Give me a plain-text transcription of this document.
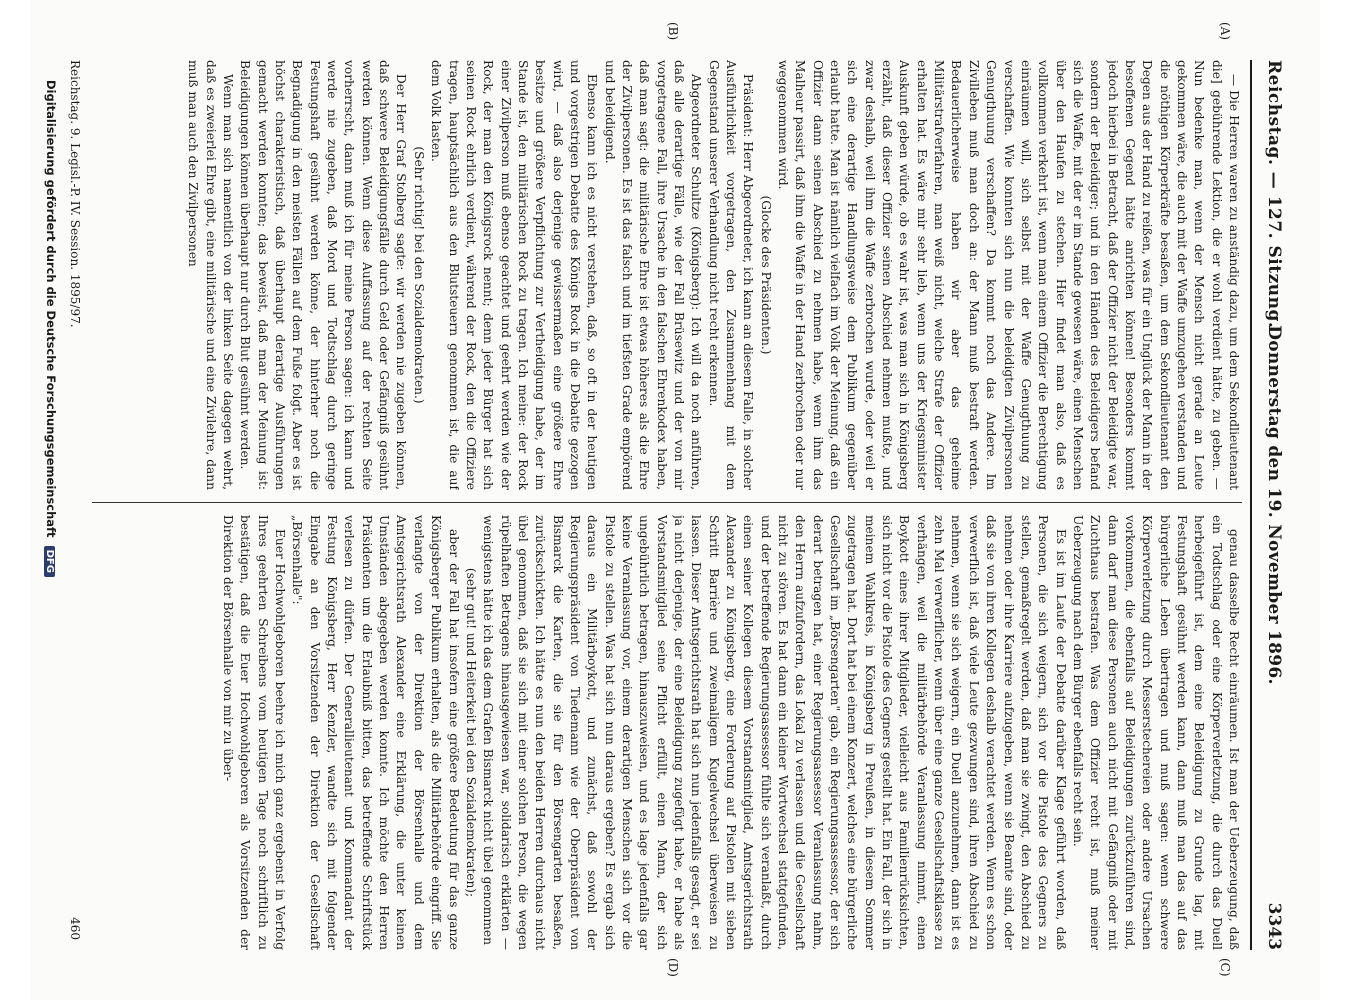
Reichstag. — 127. Sitzung.
Donnerstag den 19. November 1896.
3343
(A)
(B)
(C)
(D)

— Die Herren waren zu anständig dazu, um dem Sekondlieutenant die] gebührende Lektion, die er wohl verdient hätte, zu geben. — Nun bedenke man, wenn der Mensch nicht gerade an Leute gekommen wäre, die auch mit der Waffe umzugehen verstanden und die nöthigen Körperkräfte besaßen, um dem Sekondlieutenant den Degen aus der Hand zu reißen, was für ein Unglück der Mann in der besoffenen Gegend hätte anrichten können! Besonders kommt jedoch hierbei in Betracht, daß der Offizier nicht der Beleidigte war, sondern der Beleidiger; und in den Händen des Beleidigers befand sich die Waffe, mit der er im Stande gewesen wäre, einen Menschen über den Haufen zu stechen. Hier findet man also, daß es vollkommen verkehrt ist, wenn man einem Offizier die Berechtigung einräumen will, sich selbst mit der Waffe Genugthuung zu verschaffen. Wie konnten sich nun die beleidigten Zivilpersonen Genugthuung verschaffen? Da kommt noch das Andere. Im Zivilleben muß man doch an: der Mann muß bestraft werden. Bedauerlicherweise haben wir aber das geheime Militärstrafverfahren, man weiß nicht, welche Strafe der Offizier erhalten hat. Es wäre mir sehr lieb, wenn uns der Kriegsminister Auskunft geben würde, ob es wahr ist, was man sich in Königsberg erzählt, daß dieser Offizier seinen Abschied nehmen mußte, und zwar deshalb, weil ihm die Waffe zerbrochen wurde, oder weil er sich eine derartige Handlungsweise dem Publikum gegenüber erlaubt hatte. Man ist nämlich vielfach im Volk der Meinung, daß ein Offizier dann seinen Abschied zu nehmen habe, wenn ihm das Malheur passirt, daß ihm die Waffe in der Hand zerbrochen oder nur weggenommen wird.

(Glocke des Präsidenten.)

Präsident: Herr Abgeordneter, ich kann an diesem Falle, in solcher Ausführlichkeit vorgetragen, den Zusammenhang mit dem Gegenstand unserer Verhandlung nicht recht erkennen.

Abgeordneter Schultze (Königsberg): Ich will da noch anführen, daß alle derartige Fälle, wie der Fall Brüsewitz und der von mir vorgetragene Fall, ihre Ursache in den falschen Ehrenkodex haben, daß man sagt: die militärische Ehre ist etwas höheres als die Ehre der Zivilpersonen. Es ist das falsch und im tiefsten Grade empörend und beleidigend.

Ebenso kann ich es nicht verstehen, daß, so oft in der heutigen und vorgestrigen Debatte des Königs Rock in die Debatte gezogen wird, — daß also derjenige gewissermaßen eine größere Ehre besitze und größere Verpflichtung zur Vertheidigung habe, der im Stande ist, den militärischen Rock zu tragen. Ich meine: der Rock einer Zivilperson muß ebenso geachtet und geehrt werden wie der Rock, der man den Königsrock nennt; denn jeder Bürger hat sich seinen Rock ehrlich verdient, während der Rock, den die Offiziere tragen, hauptsächlich aus den Blutsteuern genommen ist, die auf dem Volk lasten.

(Sehr richtig! bei den Sozialdemokraten.)

Der Herr Graf Stolberg sagte: wir werden nie zugeben können, daß schwere Beleidigungsfälle durch Geld oder Gefängniß gesühnt werden können. Wenn diese Auffassung auf der rechten Seite vorherrscht, dann muß ich für meine Person sagen: ich kann und werde nie zugeben, daß Mord und Todtschlag durch geringe Festungshaft gesühnt werden könne, der hinterher noch die Begnadigung in den meisten Fällen auf dem Fuße folgt. Aber es ist höchst charakteristisch, daß überhaupt derartige Ausführungen gemacht werden konnten; das beweist, daß man der Meinung ist: Beleidigungen können überhaupt nur durch Blut gesühnt werden.

Wenn man sich namentlich von der linken Seite dagegen wehrt, daß es zweierlei Ehre gibt, eine militärische und eine Zivilehre, dann muß man auch den Zivilpersonen

genau dasselbe Recht einräumen. Ist man der Ueberzeugung, daß ein Todtschlag oder eine Körperverletzung, die durch das Duell herbeigeführt ist, dem eine Beleidigung zu Grunde lag, mit Festungshaft gesühnt werden kann, dann muß man das auf das bürgerliche Leben übertragen und muß sagen: wenn schwere Körperverletzung durch Messerstechereien oder andere Ursachen vorkommen, die ebenfalls auf Beleidigungen zurückzuführen sind, dann darf man diese Personen auch nicht mit Gefängniß oder mit Zuchthaus bestrafen. Was dem Offizier recht ist, muß meiner Ueberzeugung nach dem Bürger ebenfalls recht sein.

Es ist im Laufe der Debatte darüber Klage geführt worden, daß Personen, die sich weigern, sich vor die Pistole des Gegners zu stellen, gemaßregelt werden, daß man sie zwingt, den Abschied zu nehmen oder ihre Karriere aufzugeben, wenn sie Beamte sind, oder daß sie von ihren Kollegen deshalb verachtet werden. Wenn es schon verwerflich ist, daß viele Leute gezwungen sind, ihren Abschied zu nehmen, wenn sie sich weigern, ein Duell anzunehmen, dann ist es zehn Mal verwerflicher, wenn über eine ganze Gesellschaftsklasse zu verhängen, weil die militärbehörde Veranlassung nimmt, einen Boykott eines ihrer Mitglieder, vielleicht aus Familienrücksichten, sich nicht vor die Pistole des Gegners gestellt hat. Ein Fall, der sich in meinem Wahlkreis, in Königsberg in Preußen, in diesem Sommer zugetragen hat. Dort hat bei einem Konzert, welches eine bürgerliche Gesellschaft im „Börsengarten" gab, ein Regierungsassessor, der sich derart betragen hat, einer Regierungsassessor Veranlassung nahm, den Herrn aufzufordern, das Lokal zu verlassen und die Gesellschaft nicht zu stören. Es hat dann ein kleiner Wortwechsel stattgefunden, und der betreffende Regierungsassessor fühlte sich veranlaßt, durch einen seiner Kollegen diesem Vorstandsmitglied, Amtsgerichtsrath Alexander zu Königsberg, eine Forderung auf Pistolen mit sieben Schritt Barrière und zweimaligem Kugelwechsel überweisen zu lassen. Dieser Amtsgerichtsrath hat sich nun jedenfalls gesagt, er sei ja nicht derjenige, der eine Beleidigung zugefügt habe, er habe als Vorstandsmitglied seine Pflicht erfüllt, einen Mann, der sich ungebührlich betragen, hinauszuweisen, und es lage jedenfalls gar keine Veranlassung vor, einem derartigen Menschen sich vor die Pistole zu stellen. Was hat sich nun daraus ergeben? Es ergab sich daraus ein Militärboykott, und zunächst, daß sowohl der Regierungspräsident von Tiedemann wie der Oberpräsident von Bismarck die Karten, die sie für den Börsengarten besaßen, zurückschickten. Ich hätte es nun den beiden Herren durchaus nicht übel genommen, daß sie sich mit einer solchen Person, die wegen rüpelhaften Betragens hinausgewiesen war, solidarisch erklärten — wenigstens hätte ich das dem Grafen Bismarck nicht übel genommen

(sehr gut! und Heiterkeit bei den Sozialdemokraten);

aber der Fall hat insofern eine größere Bedeutung für das ganze Königsberger Publikum erhalten, als die Militärbehörde eingriff. Sie verlangte von der Direktion der Börsenhalle und dem Amtsgerichtsrath Alexander eine Erklärung, die unter keinen Umständen abgegeben werden konnte. Ich möchte den Herren Präsidenten um die Erlaubniß bitten, das betreffende Schriftstück verlesen zu dürfen. Der Generallieutenant und Kommandant der Festung Königsberg, Herr Kenzler, wandte sich mit folgender Eingabe an den Vorsitzenden der Direktion der Gesellschaft „Börsenhalle":

Euer Hochwohlgeboren beehre ich mich ganz ergebenst in Verfolg Ihres geehrten Schreibens vom heutigen Tage noch schriftlich zu bestätigen, daß die Euer Hochwohlgeboren als Vorsitzenden der Direktion der Börsenhalle von mir zu über-

Reichstag. 9. Legisl.-P. IV. Session. 1895/97.
460
Digitalisierung gefördert durch die Deutsche Forschungsgemeinschaft DFG
